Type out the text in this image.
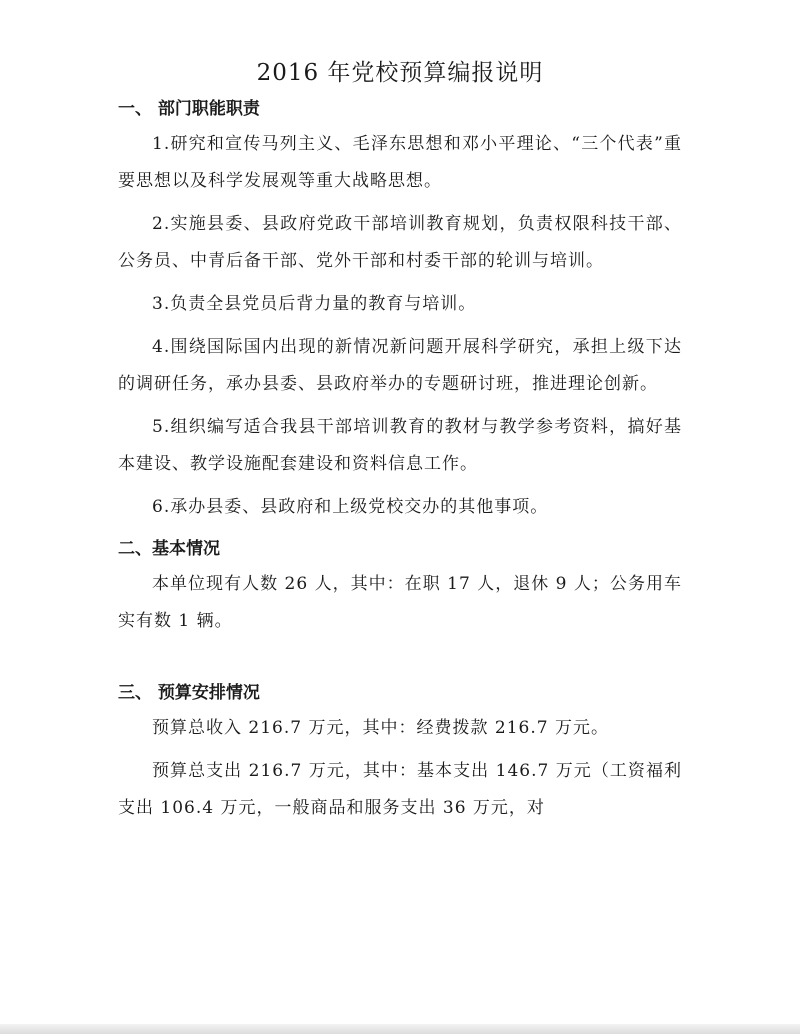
2016 年党校预算编报说明
一、 部门职能职责

1.研究和宣传马列主义、毛泽东思想和邓小平理论、“三个代表”重要思想以及科学发展观等重大战略思想。

2.实施县委、县政府党政干部培训教育规划，负责权限科技干部、公务员、中青后备干部、党外干部和村委干部的轮训与培训。

3.负责全县党员后背力量的教育与培训。

4.围绕国际国内出现的新情况新问题开展科学研究，承担上级下达的调研任务，承办县委、县政府举办的专题研讨班，推进理论创新。

5.组织编写适合我县干部培训教育的教材与教学参考资料，搞好基本建设、教学设施配套建设和资料信息工作。

6.承办县委、县政府和上级党校交办的其他事项。

二、基本情况

本单位现有人数 26 人，其中：在职 17 人，退休 9 人；公务用车实有数 1 辆。

三、 预算安排情况

预算总收入 216.7 万元，其中：经费拨款 216.7 万元。

预算总支出 216.7 万元，其中：基本支出 146.7 万元（工资福利支出 106.4 万元，一般商品和服务支出 36 万元，对
